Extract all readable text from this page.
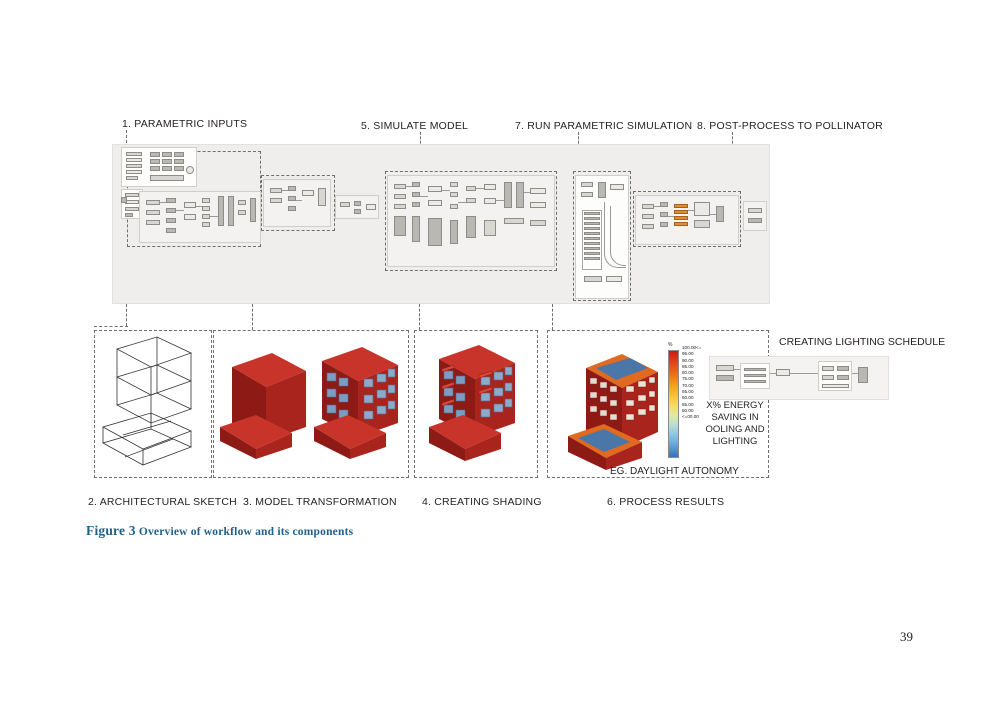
1. PARAMETRIC INPUTS	5. SIMULATE MODEL	7. RUN PARAMETRIC SIMULATION 8. POST-PROCESS TO POLLINATOR
2. ARCHITECTURAL SKETCH 3. MODEL TRANSFORMATION 4. CREATING SHADING
% 100.00<=
95.00
90.00
85.00
80.00
75.00
70.00
65.00
60.00
55.00
50.00
<=00.00
X% ENERGY SAVING IN OOLING AND LIGHTING
EG. DAYLIGHT AUTONOMY
6. PROCESS RESULTS
CREATING LIGHTING SCHEDULE
Figure 3 Overview of workflow and its components
39
